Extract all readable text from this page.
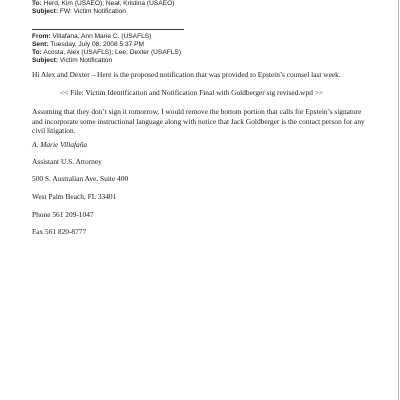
To: Herd, Kim (USAEO); Neal, Kristina (USAEO)
Subject: FW: Victim Notification
From: Villafana, Ann Marie C. (USAFLS)
Sent: Tuesday, July 08, 2008 5:37 PM
To: Acosta, Alex (USAFLS); Lee, Dexter (USAFLS)
Subject: Victim Notification
Hi Alex and Dexter – Here is the proposed notification that was provided to Epstein’s counsel last week.
<< File: Victim Identification and Notification Final with Goldberger sig revised.wpd >>
Assuming that they don’t sign it tomorrow, I would remove the bottom portion that calls for Epstein’s signature and incorporate some instructional language along with notice that Jack Goldberger is the contact person for any civil litigation.
A. Marie Villafaña
Assistant U.S. Attorney
500 S. Australian Ave, Suite 400
West Palm Beach, FL 33401
Phone 561 209-1047
Fax 561 820-8777
